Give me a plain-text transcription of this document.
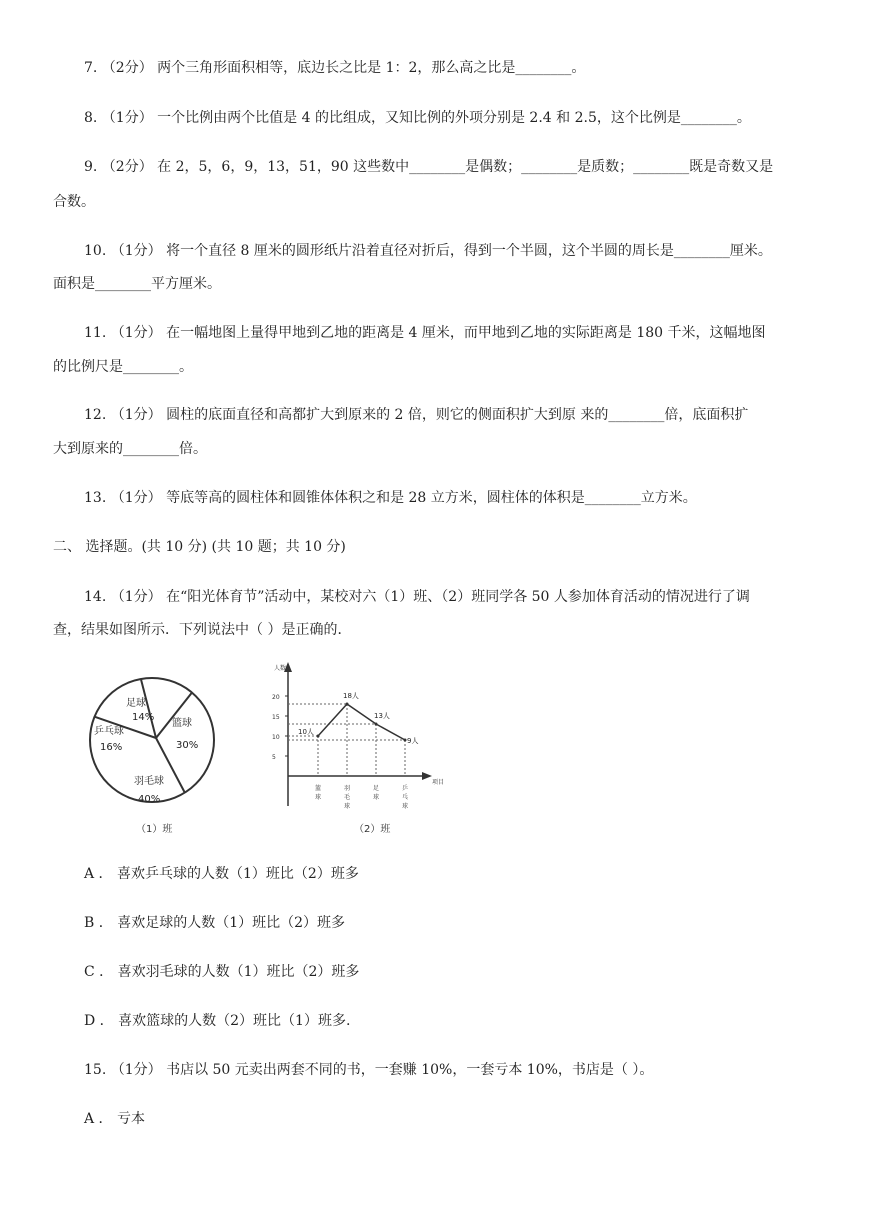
7. （2分） 两个三角形面积相等，底边长之比是 1：2，那么高之比是________。
8. （1分） 一个比例由两个比值是 4 的比组成，又知比例的外项分别是 2.4 和 2.5，这个比例是________。
9. （2分） 在 2，5，6，9，13，51，90 这些数中________是偶数；________是质数；________既是奇数又是
合数。
10. （1分） 将一个直径 8 厘米的圆形纸片沿着直径对折后，得到一个半圆，这个半圆的周长是________厘米。
面积是________平方厘米。
11. （1分） 在一幅地图上量得甲地到乙地的距离是 4 厘米，而甲地到乙地的实际距离是 180 千米，这幅地图
的比例尺是________。
12. （1分） 圆柱的底面直径和高都扩大到原来的 2 倍，则它的侧面积扩大到原 来的________倍，底面积扩
大到原来的________倍。
13. （1分） 等底等高的圆柱体和圆锥体体积之和是 28 立方米，圆柱体的体积是________立方米。
二、 选择题。(共 10 分) (共 10 题；共 10 分)
14. （1分） 在“阳光体育节”活动中，某校对六（1）班、（2）班同学各 50 人参加体育活动的情况进行了调
查，结果如图所示．下列说法中（ ）是正确的．
足球
14%
篮球
30%
羽毛球
40%
乒乓球
16%
（1）班
人数
项目
5
10
15
20
10人
18人
13人
9人
篮球
羽毛球
足球
乒乓球
（2）班
A ． 喜欢乒乓球的人数（1）班比（2）班多
B ． 喜欢足球的人数（1）班比（2）班多
C ． 喜欢羽毛球的人数（1）班比（2）班多
D ． 喜欢篮球的人数（2）班比（1）班多.
15. （1分） 书店以 50 元卖出两套不同的书，一套赚 10%，一套亏本 10%，书店是（ ）。
A ． 亏本
